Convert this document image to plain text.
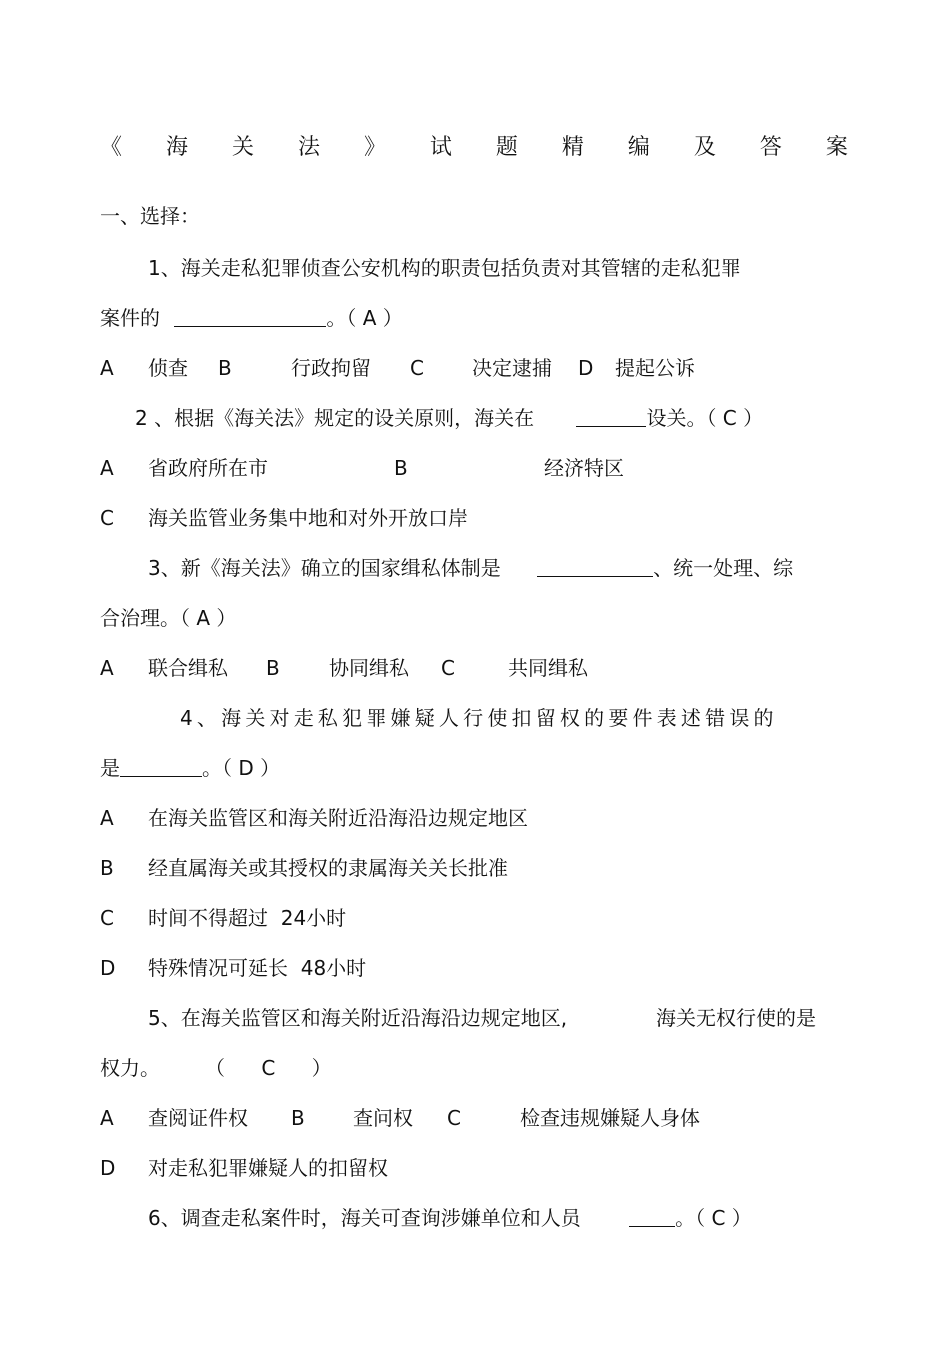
《 海 关 法 》 试 题 精 编 及 答 案
一、选择：
1、海关走私犯罪侦查公安机构的职责包括负责对其管辖的走私犯罪
案件的	。（ A ）
A 侦查 B	行政拘留 C 决定逮捕 D 提起公诉
2 、根据《海关法》规定的设关原则，海关在	设关。（ C ）
A 省政府所在市	B	经济特区
C 海关监管业务集中地和对外开放口岸
3、新《海关法》确立的国家缉私体制是	、统一处理、综
合治理。（ A ）
A 联合缉私 B 协同缉私 C	共同缉私
4、海关对走私犯罪嫌疑人行使扣留权的要件表述错误的
是	。（ D ）
A 在海关监管区和海关附近沿海沿边规定地区
B 经直属海关或其授权的隶属海关关长批准
C 时间不得超过  24小时
D 特殊情况可延长  48小时
5、在海关监管区和海关附近沿海沿边规定地区,	海关无权行使的是
权力。 （ C ）
A 查阅证件权 B 查问权 C	检查违规嫌疑人身体
D 对走私犯罪嫌疑人的扣留权
6、调查走私案件时，海关可查询涉嫌单位和人员	。（ C ）
